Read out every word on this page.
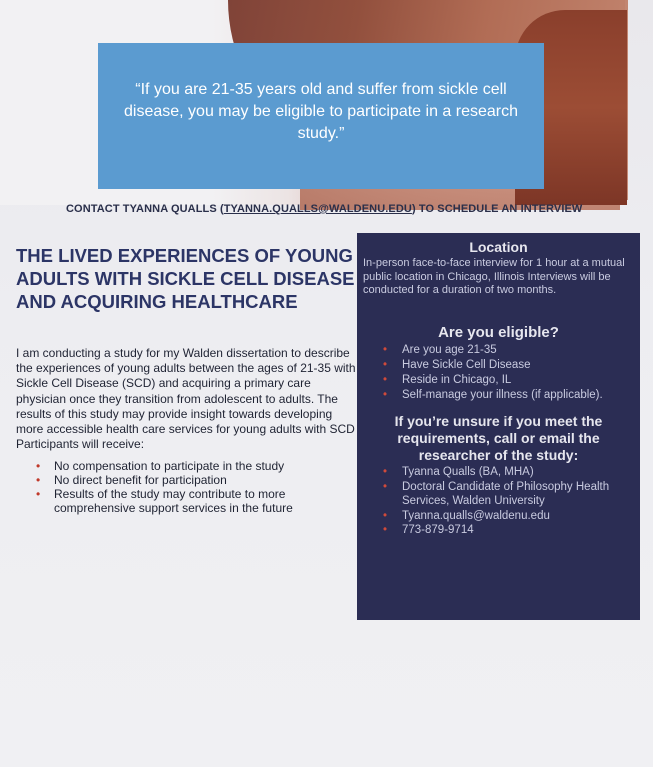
“If you are 21-35 years old and suffer from sickle cell disease, you may be eligible to participate in a research study.”
CONTACT TYANNA QUALLS (TYANNA.QUALLS@WALDENU.EDU) TO SCHEDULE AN INTERVIEW
THE LIVED EXPERIENCES OF YOUNG ADULTS WITH SICKLE CELL DISEASE AND ACQUIRING HEALTHCARE
I am conducting a study for my Walden dissertation to describe the experiences of young adults between the ages of 21-35 with Sickle Cell Disease (SCD) and acquiring a primary care physician once they transition from adolescent to adults. The results of this study may provide insight towards developing more accessible health care services for young adults with SCD
Participants will receive:
• No compensation to participate in the study
• No direct benefit for participation
• Results of the study may contribute to more comprehensive support services in the future
Location
In-person face-to-face interview for 1 hour at a mutual public location in Chicago, Illinois Interviews will be conducted for a duration of two months.
Are you eligible?
• Are you age 21-35
• Have Sickle Cell Disease
• Reside in Chicago, IL
• Self-manage your illness (if applicable).
If you’re unsure if you meet the requirements, call or email the researcher of the study:
• Tyanna Qualls (BA, MHA)
• Doctoral Candidate of Philosophy Health Services, Walden University
• Tyanna.qualls@waldenu.edu
• 773-879-9714
